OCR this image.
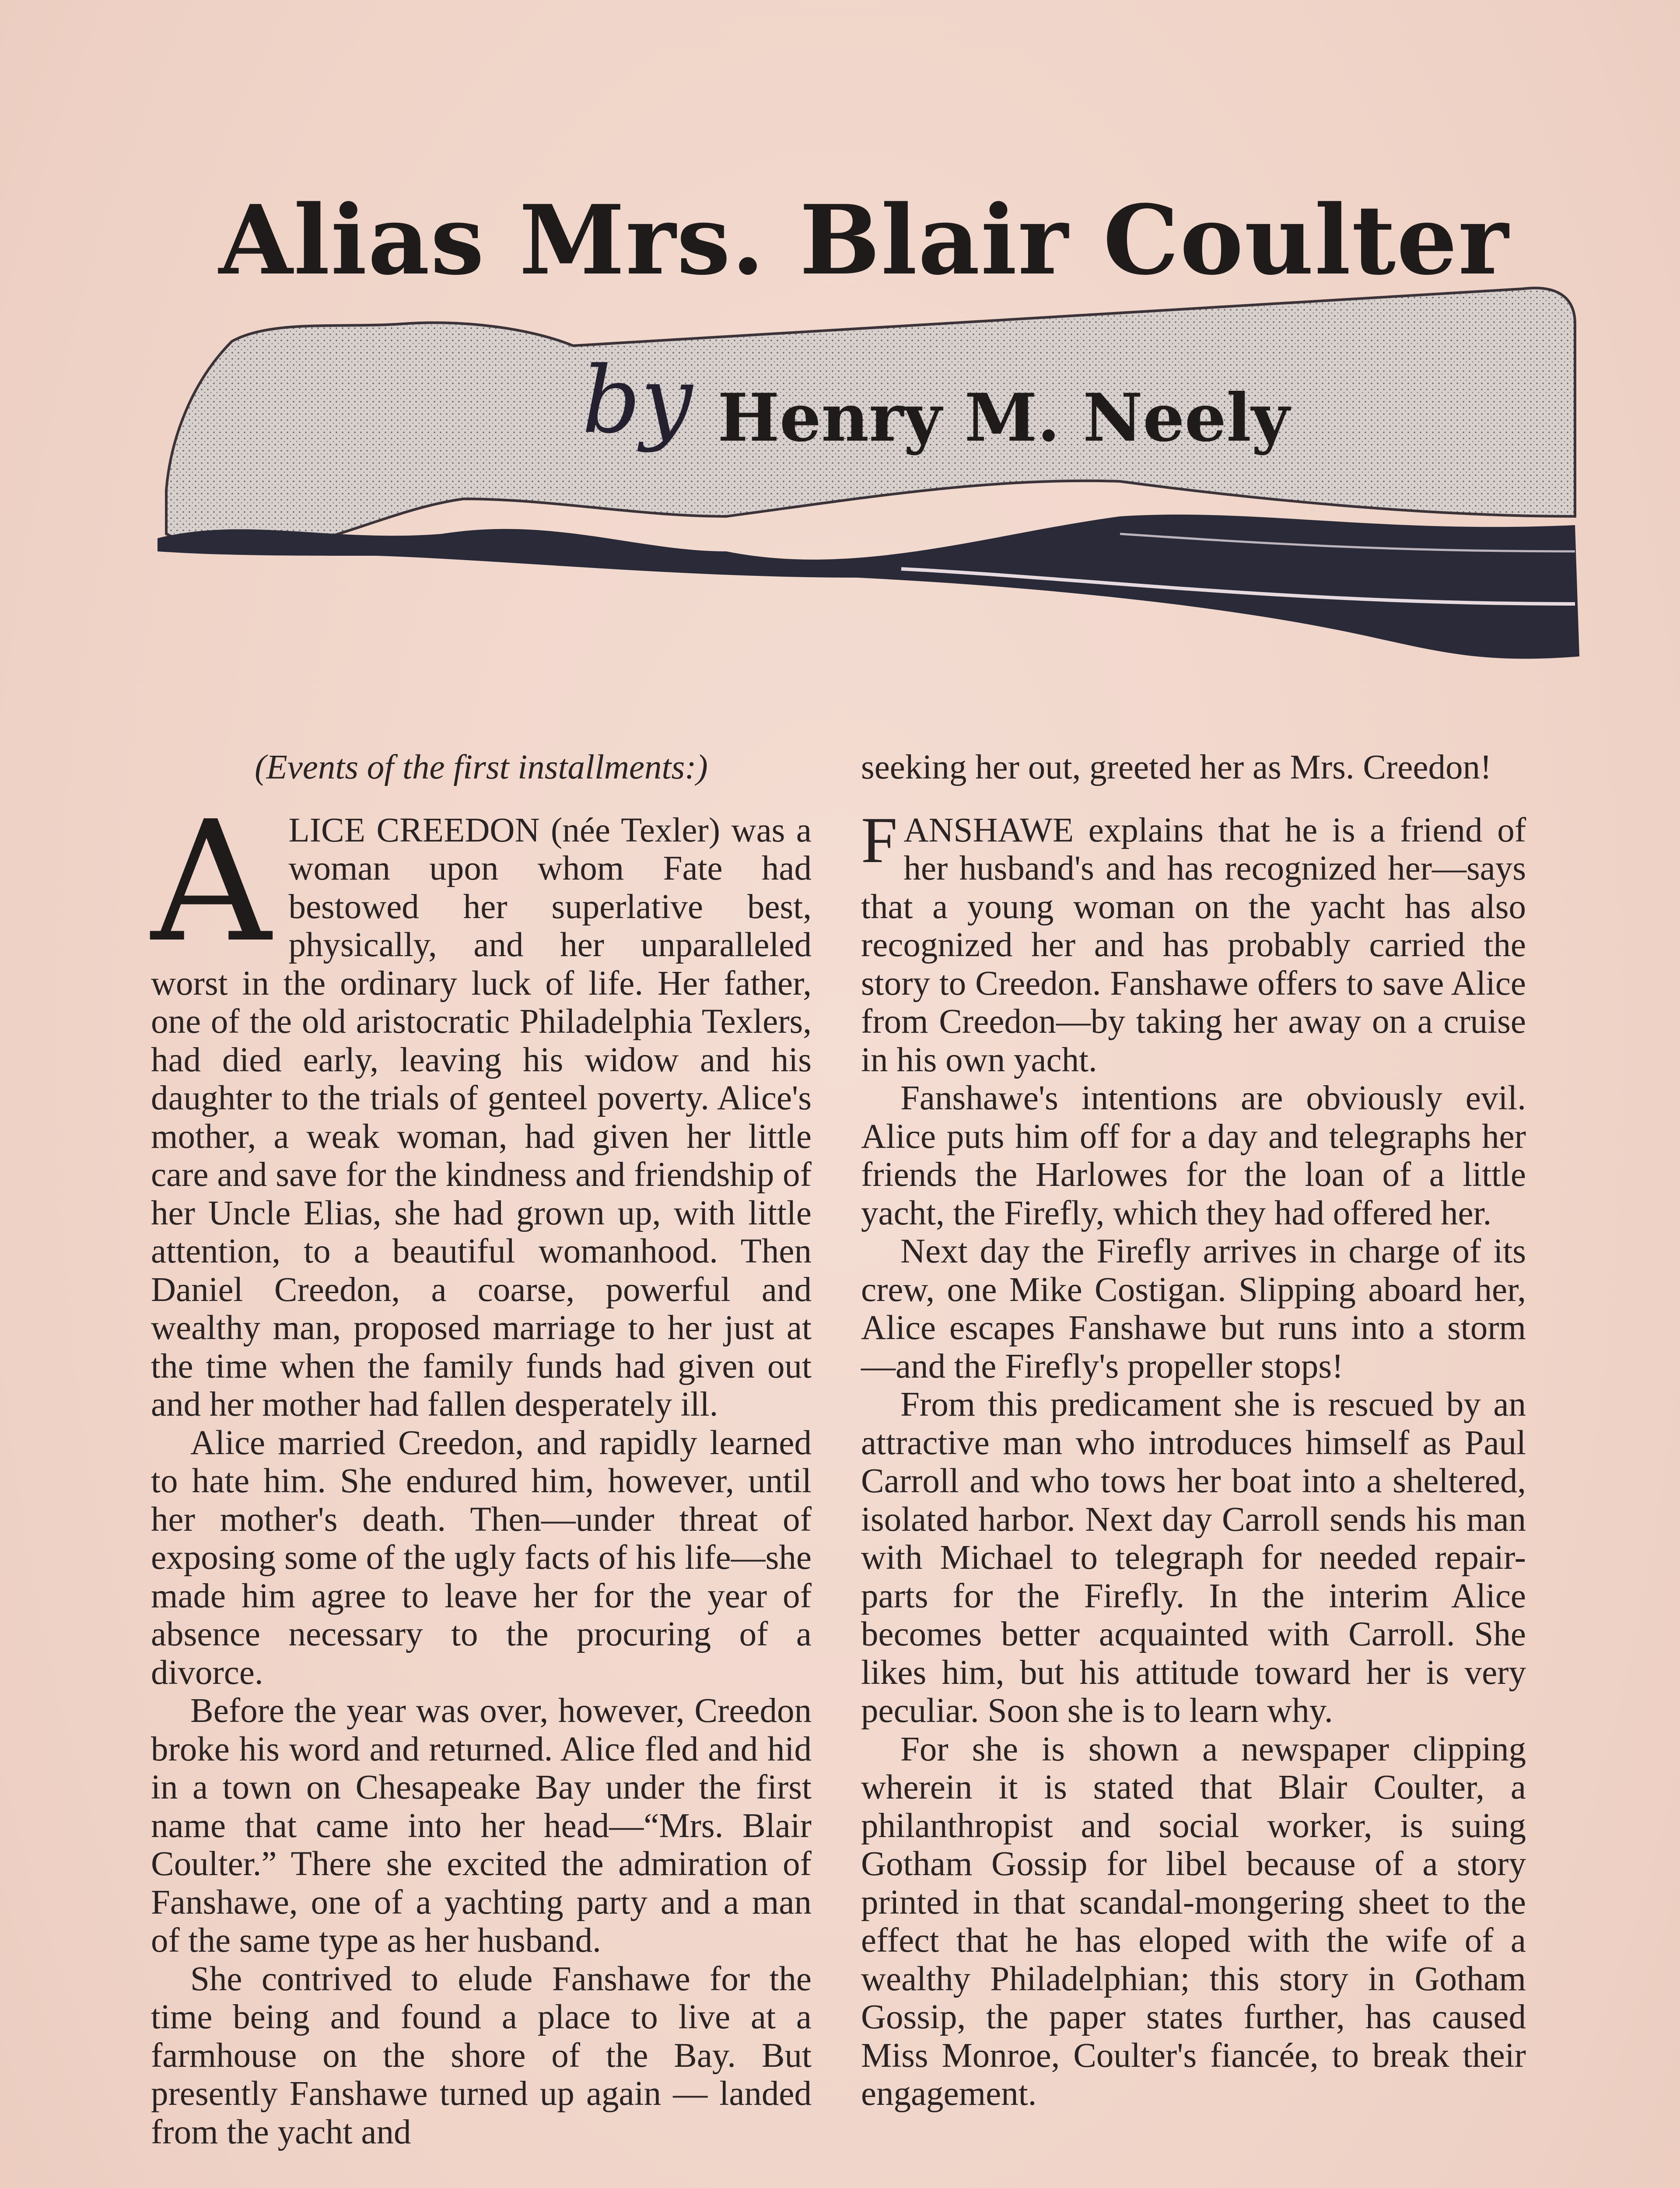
Alias Mrs. Blair Coulter
by Henry M. Neely

(Events of the first installments:)

ALICE CREEDON (née Texler) was a woman upon whom Fate had bestowed her superlative best, physically, and her unparalleled worst in the ordinary luck of life. Her father, one of the old aristocratic Philadelphia Texlers, had died early, leaving his widow and his daughter to the trials of genteel poverty. Alice's mother, a weak woman, had given her little care and save for the kindness and friendship of her Uncle Elias, she had grown up, with little attention, to a beautiful womanhood. Then Daniel Creedon, a coarse, powerful and wealthy man, proposed marriage to her just at the time when the family funds had given out and her mother had fallen desperately ill.

Alice married Creedon, and rapidly learned to hate him. She endured him, however, until her mother's death. Then—under threat of exposing some of the ugly facts of his life—she made him agree to leave her for the year of absence necessary to the procuring of a divorce.

Before the year was over, however, Creedon broke his word and returned. Alice fled and hid in a town on Chesapeake Bay under the first name that came into her head—“Mrs. Blair Coulter.” There she excited the admiration of Fanshawe, one of a yachting party and a man of the same type as her husband.

She contrived to elude Fanshawe for the time being and found a place to live at a farmhouse on the shore of the Bay. But presently Fanshawe turned up again — landed from the yacht and

seeking her out, greeted her as Mrs. Creedon!

FANSHAWE explains that he is a friend of her husband's and has recognized her—says that a young woman on the yacht has also recognized her and has probably carried the story to Creedon. Fanshawe offers to save Alice from Creedon—by taking her away on a cruise in his own yacht.

Fanshawe's intentions are obviously evil. Alice puts him off for a day and telegraphs her friends the Harlowes for the loan of a little yacht, the Firefly, which they had offered her.

Next day the Firefly arrives in charge of its crew, one Mike Costigan. Slipping aboard her, Alice escapes Fanshawe but runs into a storm—and the Firefly's propeller stops!

From this predicament she is rescued by an attractive man who introduces himself as Paul Carroll and who tows her boat into a sheltered, isolated harbor. Next day Carroll sends his man with Michael to telegraph for needed repair-parts for the Firefly. In the interim Alice becomes better acquainted with Carroll. She likes him, but his attitude toward her is very peculiar. Soon she is to learn why.

For she is shown a newspaper clipping wherein it is stated that Blair Coulter, a philanthropist and social worker, is suing Gotham Gossip for libel because of a story printed in that scandal-mongering sheet to the effect that he has eloped with the wife of a wealthy Philadelphian; this story in Gotham Gossip, the paper states further, has caused Miss Monroe, Coulter's fiancée, to break their engagement.
